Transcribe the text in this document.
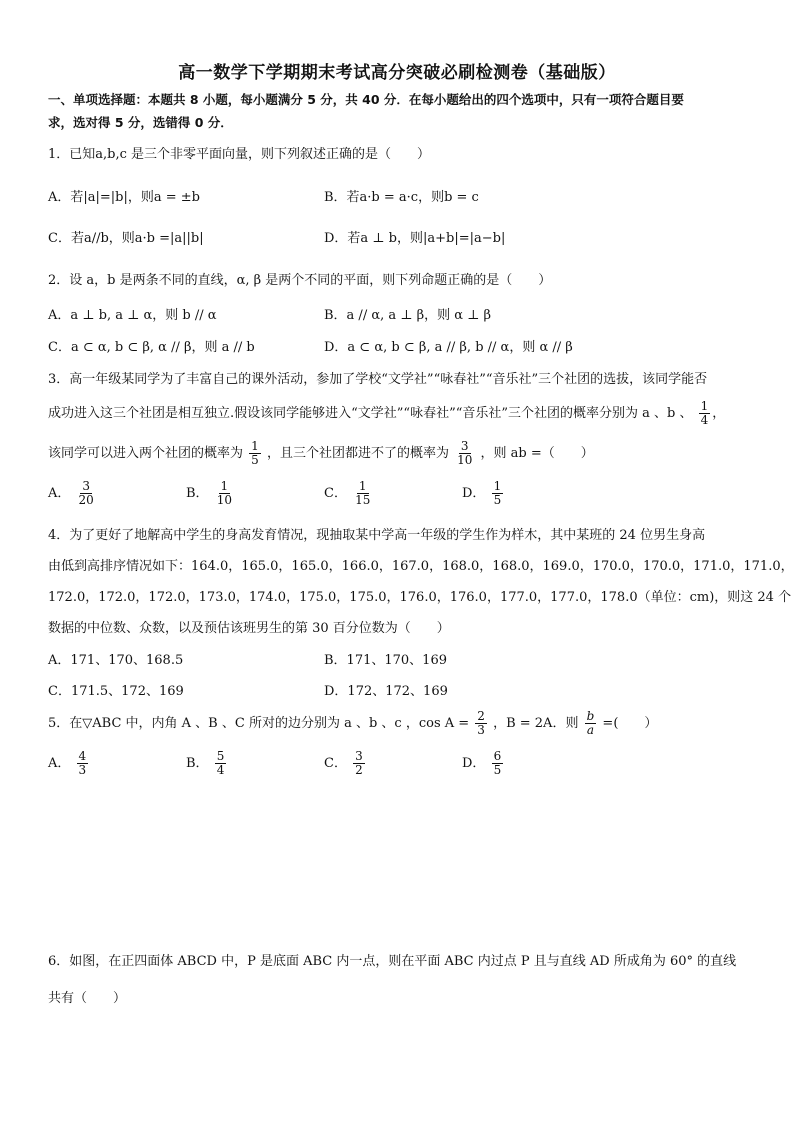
高一数学下学期期末考试高分突破必刷检测卷（基础版）
一、单项选择题：本题共 8 小题，每小题满分 5 分，共 40 分．在每小题给出的四个选项中，只有一项符合题目要
求，选对得 5 分，选错得 0 分．
1．已知a,b,c 是三个非零平面向量，则下列叙述正确的是（　　）
A．若|a|=|b|，则a = ±b	B．若a·b = a·c，则b = c
C．若a//b，则a·b =|a||b|	D．若a ⊥ b，则|a+b|=|a−b|
2．设 a，b 是两条不同的直线，α, β 是两个不同的平面，则下列命题正确的是（　　）
A．a ⊥ b, a ⊥ α，则 b // α	B．a // α, a ⊥ β，则 α ⊥ β
C．a ⊂ α, b ⊂ β, α // β，则 a // b	D．a ⊂ α, b ⊂ β, a // β, b // α，则 α // β
3．高一年级某同学为了丰富自己的课外活动，参加了学校“文学社”“咏春社”“音乐社”三个社团的选拔，该同学能否
成功进入这三个社团是相互独立.假设该同学能够进入“文学社”“咏春社”“音乐社”三个社团的概率分别为 a 、b 、 $\frac{1}{4}$ ，
该同学可以进入两个社团的概率为 $\frac{1}{5}$ ，且三个社团都进不了的概率为 $\frac{3}{10}$ ，则 ab =（　　）
A． $\frac{3}{20}$	B． $\frac{1}{10}$	C． $\frac{1}{15}$	D． $\frac{1}{5}$
4．为了更好了地解高中学生的身高发育情况，现抽取某中学高一年级的学生作为样木，其中某班的 24 位男生身高
由低到高排序情况如下：164.0，165.0，165.0，166.0，167.0，168.0，168.0，169.0，170.0，170.0，171.0，171.0，
172.0，172.0，172.0，173.0，174.0，175.0，175.0，176.0，176.0，177.0，177.0，178.0（单位：cm)，则这 24 个
数据的中位数、众数，以及预估该班男生的第 30 百分位数为（　　）
A．171、170、168.5	B．171、170、169
C．171.5、172、169	D．172、172、169
5．在▽ABC 中，内角 A 、B 、C 所对的边分别为 a 、b 、c ，$\cos A = \frac{2}{3}$ ，B = 2A．则 $\frac{b}{a}$ =(　　）
A． $\frac{4}{3}$	B． $\frac{5}{4}$	C． $\frac{3}{2}$	D． $\frac{6}{5}$
6．如图，在正四面体 ABCD 中，P 是底面 ABC 内一点，则在平面 ABC 内过点 P 且与直线 AD 所成角为 60° 的直线
共有（　　）
